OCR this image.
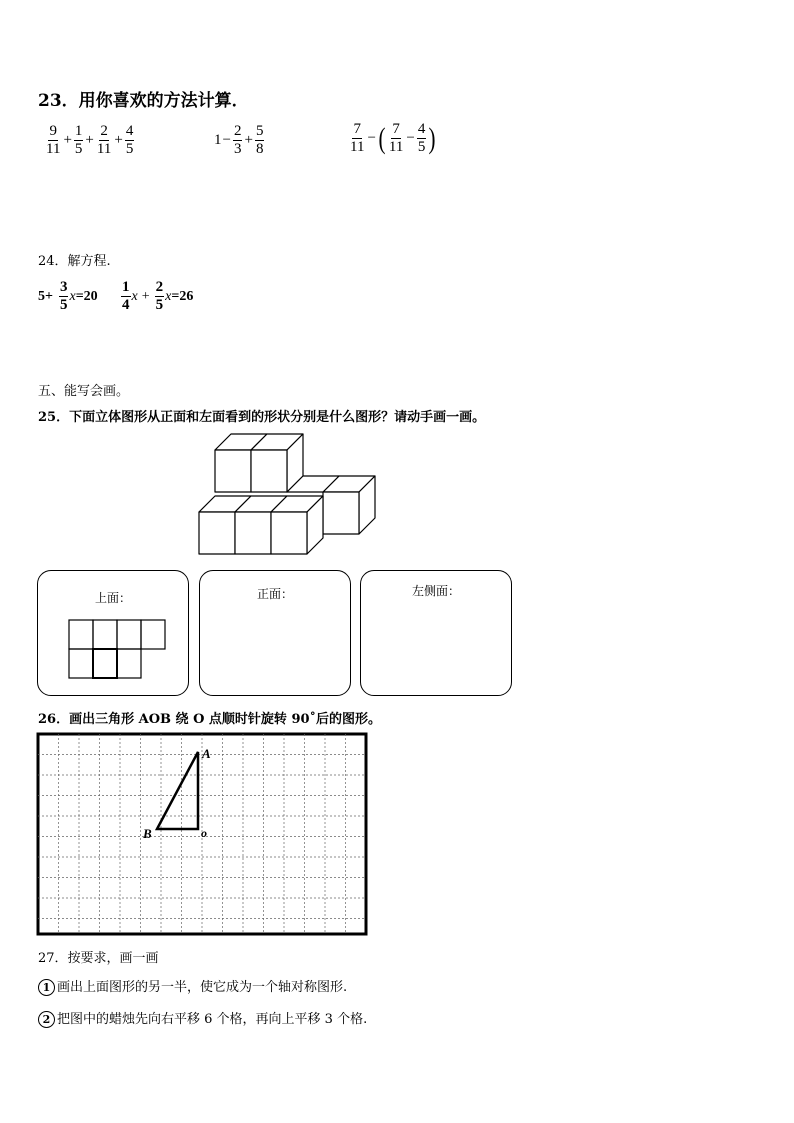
23．用你喜欢的方法计算．
$\frac{9}{11} + \frac{1}{5} + \frac{2}{11} + \frac{4}{5}$	$1 - \frac{2}{3} + \frac{5}{8}$	$\frac{7}{11}$ − ( $\frac{7}{11} - \frac{4}{5}$ )
24．解方程.
$5+ \frac{3}{5}$ $x =20 \frac{1}{4}$ $x + \frac{2}{5}$ x =26
五、能写会画。
25．下面立体图形从正面和左面看到的形状分别是什么图形？请动手画一画。
上面：	正面：	左侧面：
26．画出三角形 AOB 绕 O 点顺时针旋转 90˚后的图形。
A
B	o
27．按要求，画一画
1 画出上面图形的另一半，使它成为一个轴对称图形.
2 把图中的蜡烛先向右平移 6 个格，再向上平移 3 个格.
